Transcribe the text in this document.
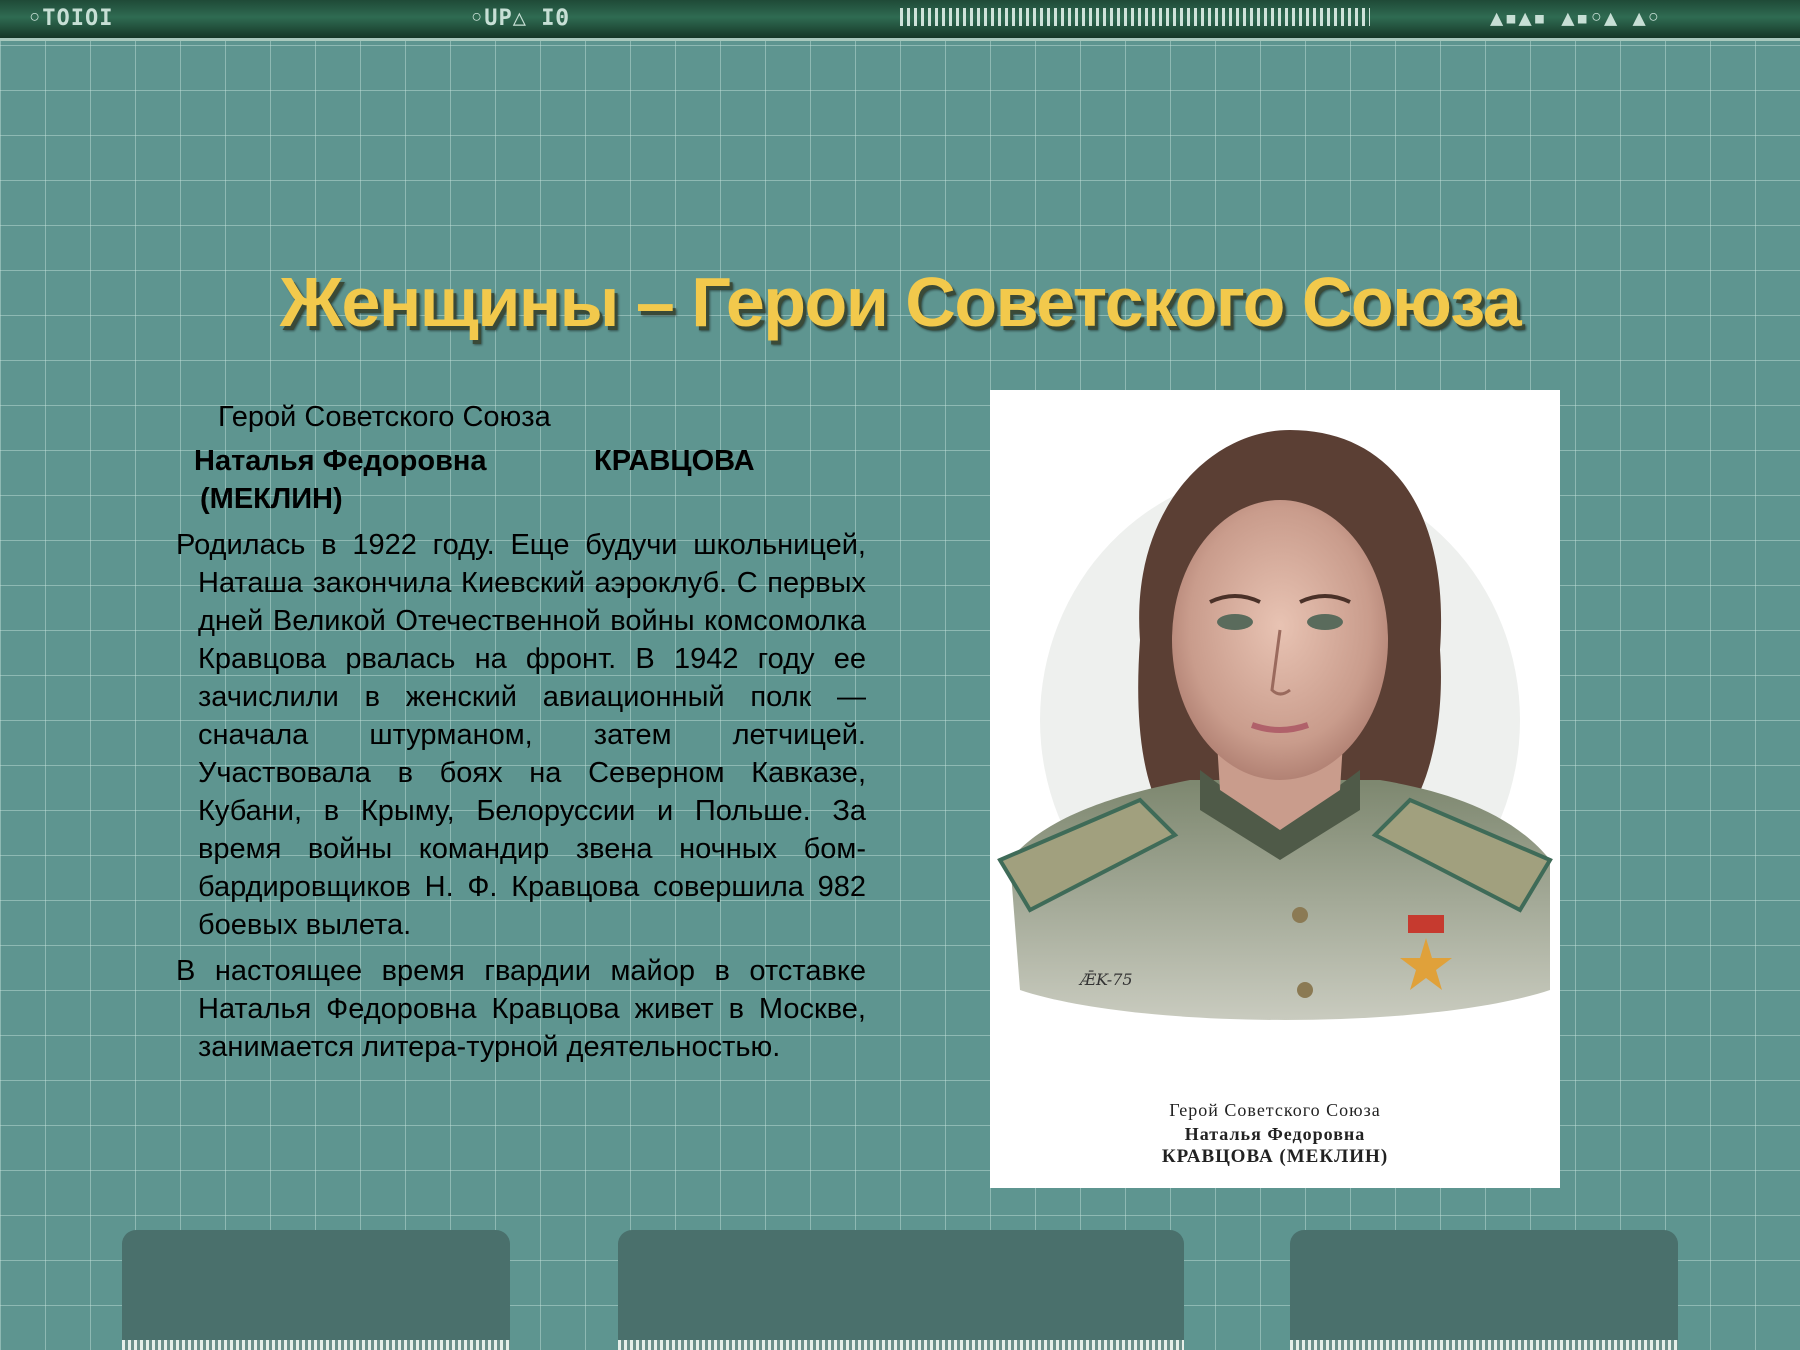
◦TOIOI	◦UP△ ΙΘ	▲▪▲▪ ▲▪◦▲ ▲◦
Женщины – Герои Советского Союза

Герой Советского Союза

Наталья Федоровна	КРАВЦОВА

(МЕКЛИН)

Родилась в 1922 году. Еще будучи школьницей, Наташа закончила Киевский аэроклуб. С первых дней Великой Отечественной войны комсомолка Кравцова рвалась на фронт. В 1942 году ее зачислили в женский авиационный полк — сначала штурманом, затем летчицей. Участвовала в боях на Северном Кавказе, Кубани, в Крыму, Белоруссии и Польше. За время войны командир звена ночных бом-бардировщиков Н. Ф. Кравцова совершила 982 боевых вылета.

В настоящее время гвардии майор в отставке Наталья Федоровна Кравцова живет в Москве, занимается литера-турной деятельностью.

ǢK-75
Герой Советского Союза
Наталья Федоровна
КРАВЦОВА (МЕКЛИН)
